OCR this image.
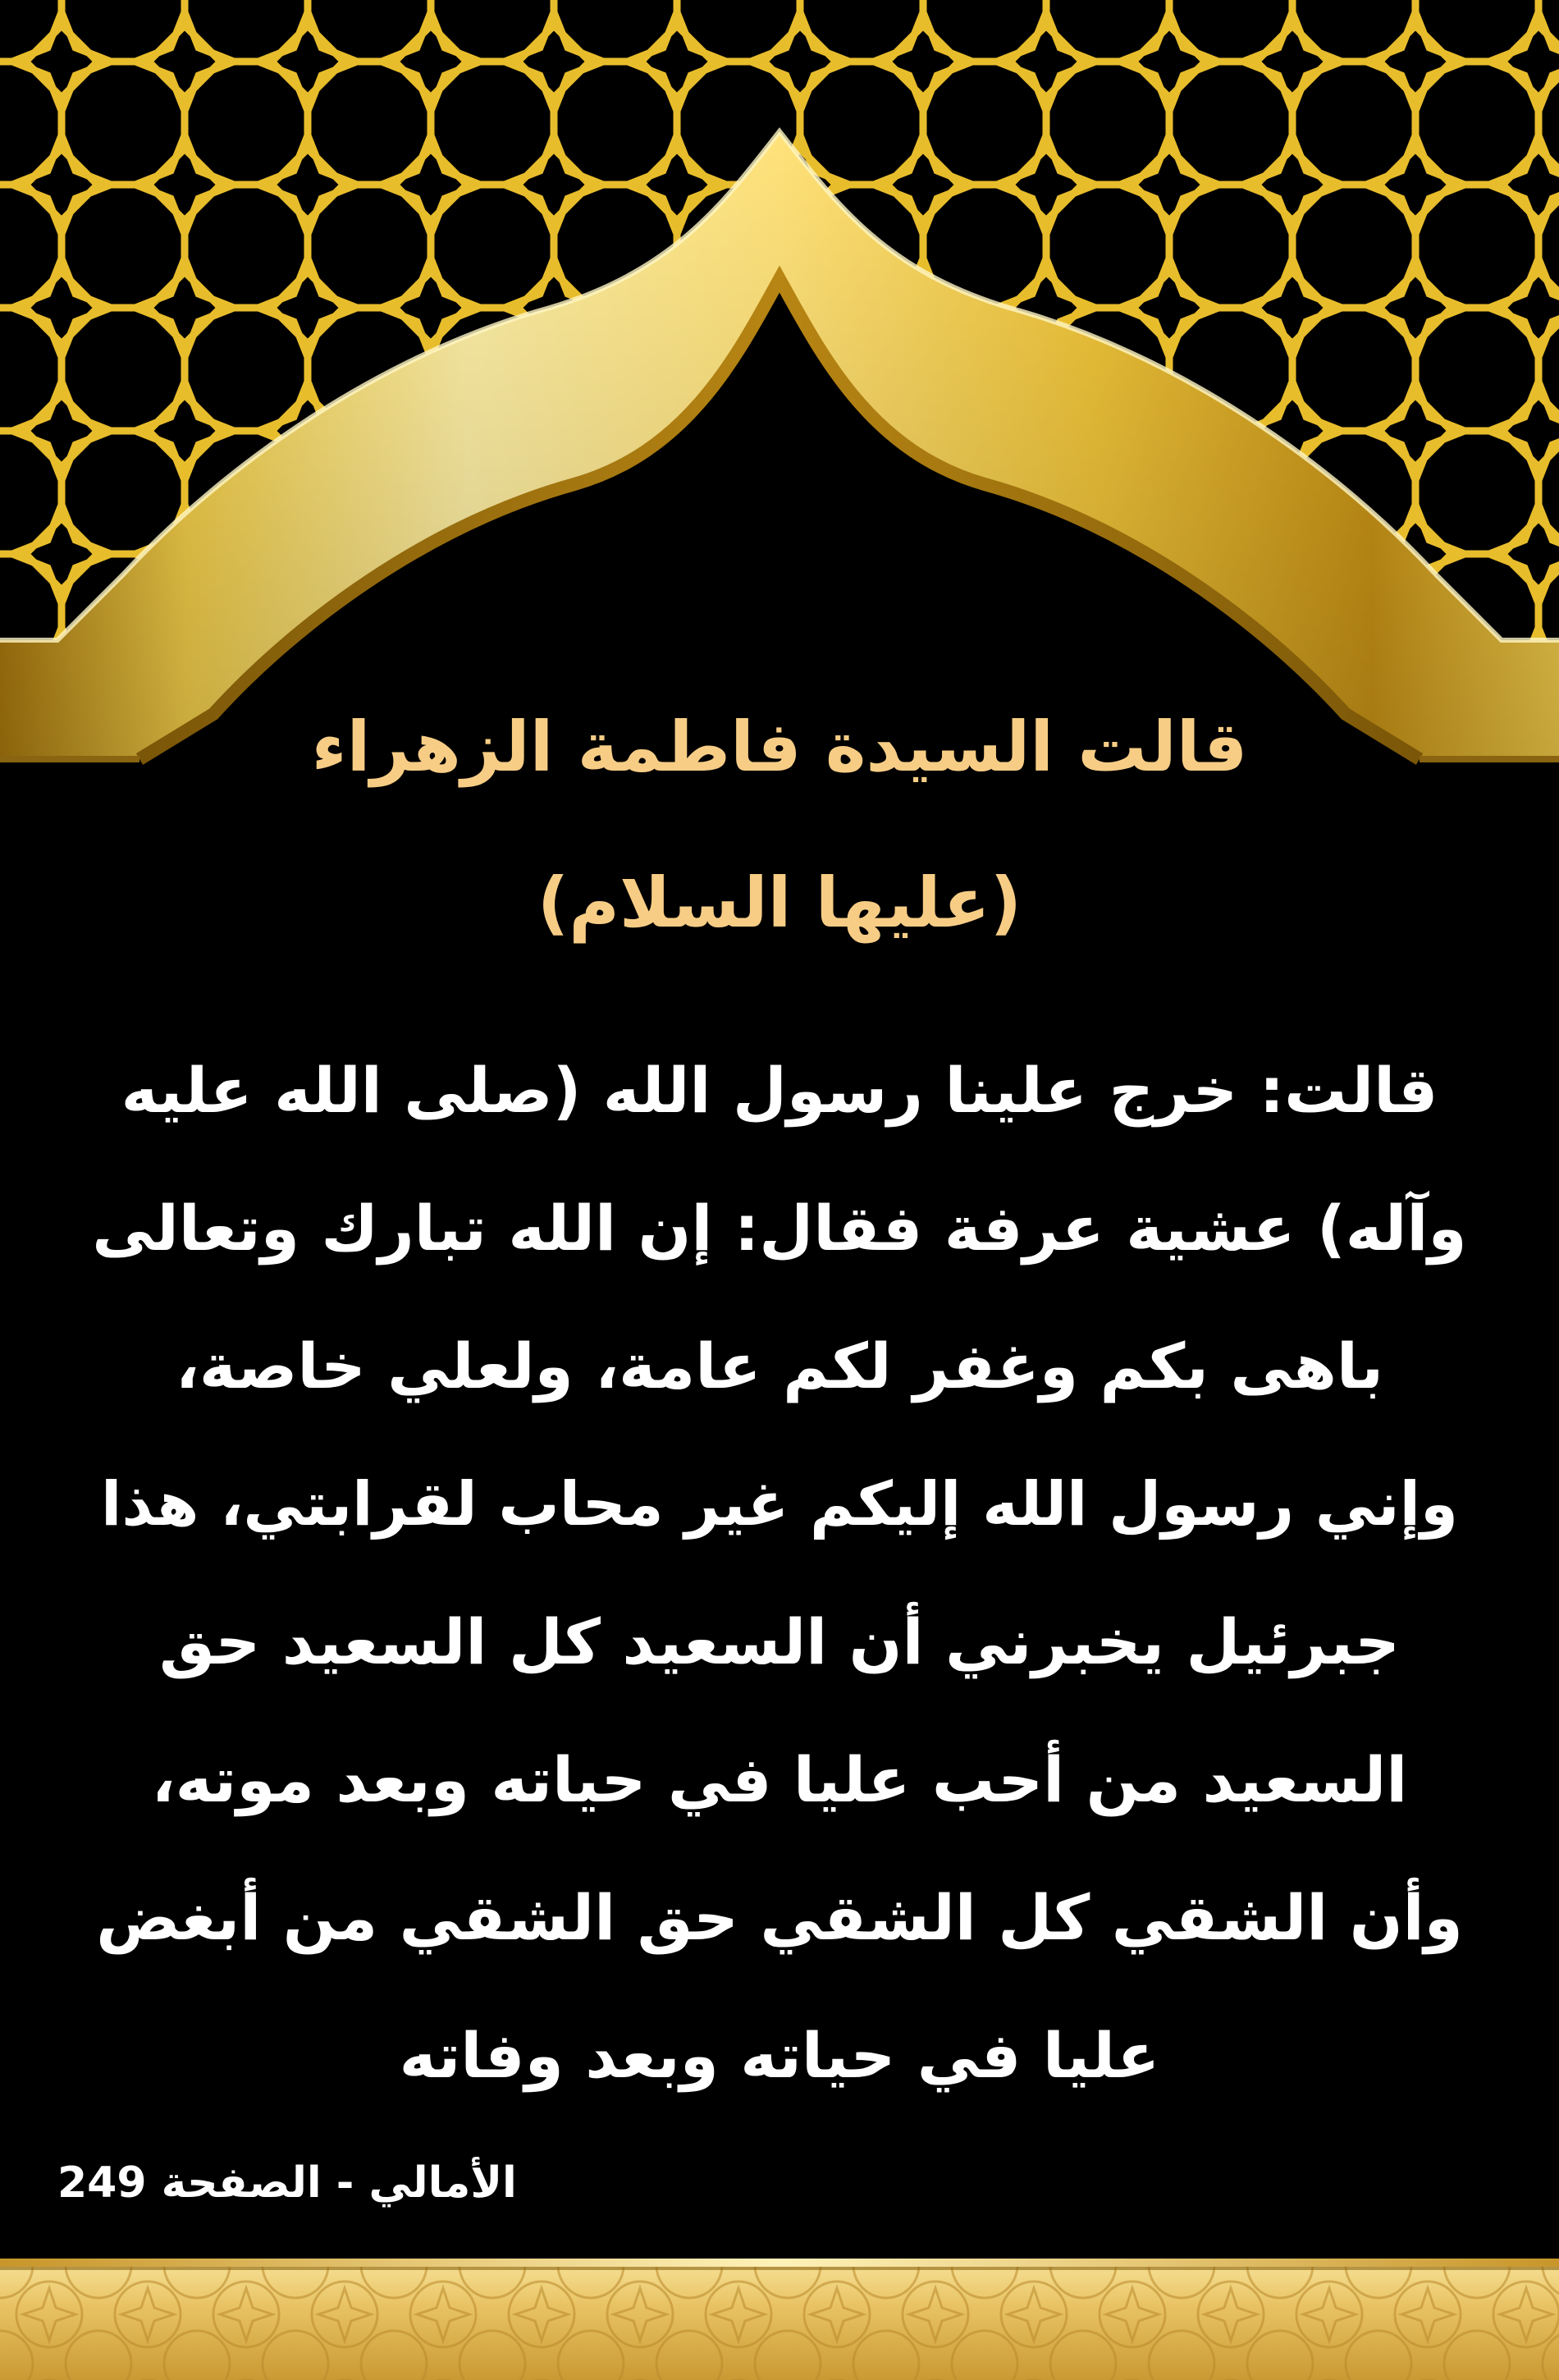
قالت السيدة فاطمة الزهراء
(عليها السلام)
قالت: خرج علينا رسول الله (صلى الله عليه
وآله) عشية عرفة فقال: إن الله تبارك وتعالى
باهى بكم وغفر لكم عامة، ولعلي خاصة،
وإني رسول الله إليكم غير محاب لقرابتي، هذا
جبرئيل يخبرني أن السعيد كل السعيد حق
السعيد من أحب عليا في حياته وبعد موته،
وأن الشقي كل الشقي حق الشقي من أبغض
عليا في حياته وبعد وفاته
الأمالي - الصفحة 249
